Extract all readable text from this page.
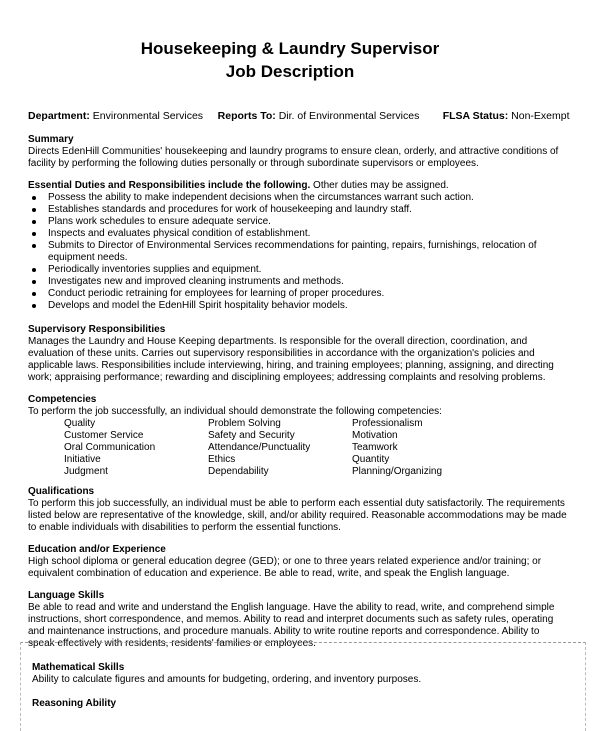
Housekeeping & Laundry Supervisor
Job Description
Department: Environmental Services Reports To: Dir. of Environmental Services FLSA Status: Non-Exempt
Summary
Directs EdenHill Communities' housekeeping and laundry programs to ensure clean, orderly, and attractive conditions of facility by performing the following duties personally or through subordinate supervisors or employees.
Essential Duties and Responsibilities include the following. Other duties may be assigned.
Possess the ability to make independent decisions when the circumstances warrant such action.
Establishes standards and procedures for work of housekeeping and laundry staff.
Plans work schedules to ensure adequate service.
Inspects and evaluates physical condition of establishment.
Submits to Director of Environmental Services recommendations for painting, repairs, furnishings, relocation of equipment needs.
Periodically inventories supplies and equipment.
Investigates new and improved cleaning instruments and methods.
Conduct periodic retraining for employees for learning of proper procedures.
Develops and model the EdenHill Spirit hospitality behavior models.
Supervisory Responsibilities
Manages the Laundry and House Keeping departments. Is responsible for the overall direction, coordination, and evaluation of these units. Carries out supervisory responsibilities in accordance with the organization's policies and applicable laws. Responsibilities include interviewing, hiring, and training employees; planning, assigning, and directing work; appraising performance; rewarding and disciplining employees; addressing complaints and resolving problems.
Competencies
To perform the job successfully, an individual should demonstrate the following competencies:
Quality
Customer Service
Oral Communication
Initiative
Judgment
Problem Solving
Safety and Security
Attendance/Punctuality
Ethics
Dependability
Professionalism
Motivation
Teamwork
Quantity
Planning/Organizing
Qualifications
To perform this job successfully, an individual must be able to perform each essential duty satisfactorily. The requirements listed below are representative of the knowledge, skill, and/or ability required. Reasonable accommodations may be made to enable individuals with disabilities to perform the essential functions.
Education and/or Experience
High school diploma or general education degree (GED); or one to three years related experience and/or training; or equivalent combination of education and experience. Be able to read, write, and speak the English language.
Language Skills
Be able to read and write and understand the English language. Have the ability to read, write, and comprehend simple instructions, short correspondence, and memos. Ability to read and interpret documents such as safety rules, operating and maintenance instructions, and procedure manuals. Ability to write routine reports and correspondence. Ability to speak effectively with residents, residents' families or employees.
Mathematical Skills
Ability to calculate figures and amounts for budgeting, ordering, and inventory purposes.
Reasoning Ability
